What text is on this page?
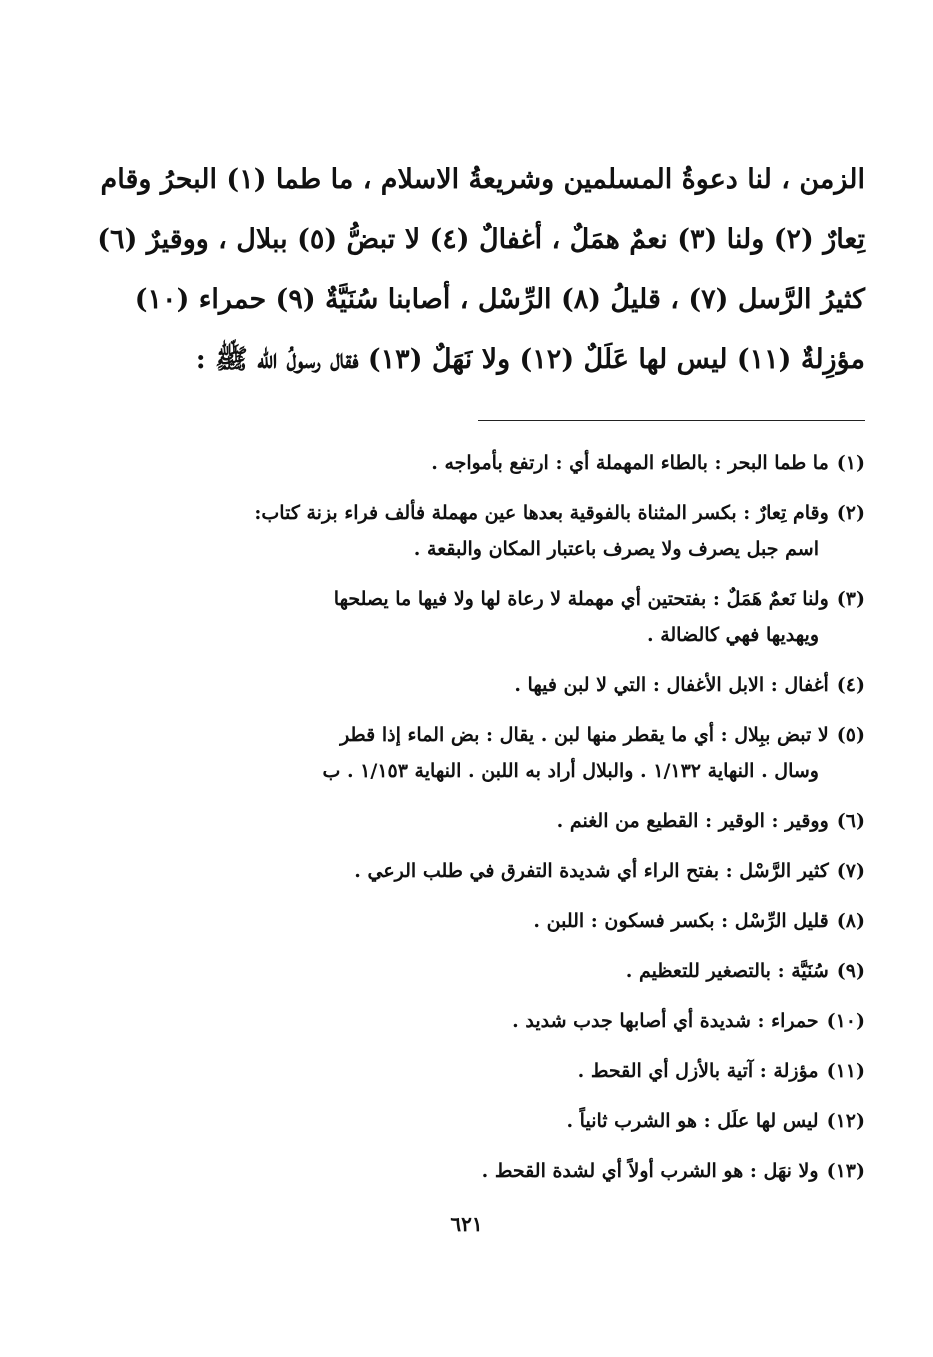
الزمن ، لنا دعوةُ المسلمين وشريعةُ الاسلام ، ما طما (١) البحرُ وقام
تِعارٌ (٢) ولنا (٣) نعمٌ همَلٌ ، أغفالٌ (٤) لا تبضُّ (٥) ببلال ، ووقيرٌ (٦)
كثيرُ الرَّسل (٧) ، قليلُ (٨) الرِّسْل ، أصابنا سُنَيَّةٌ (٩) حمراء (١٠)
مؤزِلةٌ (١١) ليس لها عَلَلٌ (١٢) ولا نَهَلٌ (١٣) فقال رسولُ الله ﷺ :
(١)ما طما البحر : بالطاء المهملة أي : ارتفع بأمواجه .
(٢)وقام تِعارٌ : بكسر المثناة بالفوقية بعدها عين مهملة فألف فراء بزنة كتاب:
اسم جبل يصرف ولا يصرف باعتبار المكان والبقعة .
(٣)ولنا نَعمٌ هَمَلٌ : بفتحتين أي مهملة لا رعاة لها ولا فيها ما يصلحها
ويهديها فهي كالضالة .
(٤)أغفال : الابل الأغفال : التي لا لبن فيها .
(٥)لا تبض ببِلال : أي ما يقطر منها لبن . يقال : بض الماء إذا قطر
وسال . النهاية ١/١٣٢ . والبلال أراد به اللبن . النهاية ١/١٥٣ . ب
(٦)ووقير : الوقير : القطيع من الغنم .
(٧)كثير الرَّسْل : بفتح الراء أي شديدة التفرق في طلب الرعي .
(٨)قليل الرِّسْل : بكسر فسكون : اللبن .
(٩)سُنَيَّة : بالتصغير للتعظيم .
(١٠)حمراء : شديدة أي أصابها جدب شديد .
(١١)مؤزلة : آتية بالأزل أي القحط .
(١٢)ليس لها علَل : هو الشرب ثانياً .
(١٣)ولا نهَل : هو الشرب أولاً أي لشدة القحط .
٦٢١
